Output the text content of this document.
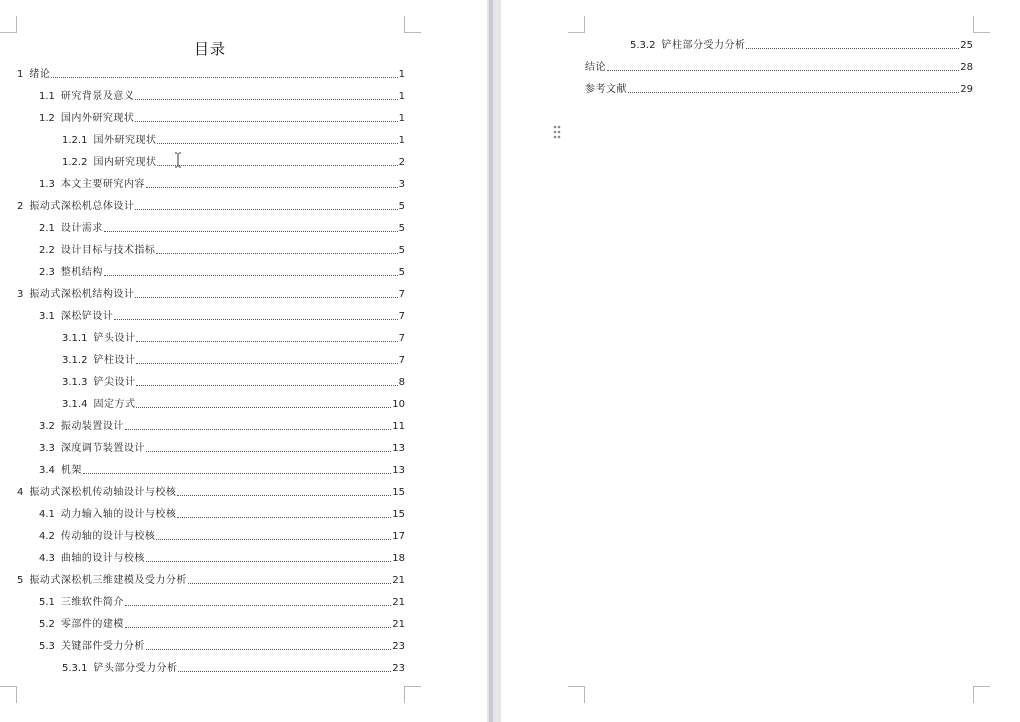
目录
1 绪论	1
1.1 研究背景及意义	1
1.2 国内外研究现状	1
1.2.1 国外研究现状	1
1.2.2 国内研究现状	2
1.3 本文主要研究内容	3
2 振动式深松机总体设计	5
2.1 设计需求	5
2.2 设计目标与技术指标	5
2.3 整机结构	5
3 振动式深松机结构设计	7
3.1 深松铲设计	7
3.1.1 铲头设计	7
3.1.2 铲柱设计	7
3.1.3 铲尖设计	8
3.1.4 固定方式	10
3.2 振动装置设计	11
3.3 深度调节装置设计	13
3.4 机架	13
4 振动式深松机传动轴设计与校核	15
4.1 动力输入轴的设计与校核	15
4.2 传动轴的设计与校核	17
4.3 曲轴的设计与校核	18
5 振动式深松机三维建模及受力分析	21
5.1 三维软件简介	21
5.2 零部件的建模	21
5.3 关键部件受力分析	23
5.3.1 铲头部分受力分析	23
5.3.2 铲柱部分受力分析	25
结论	28
参考文献	29
